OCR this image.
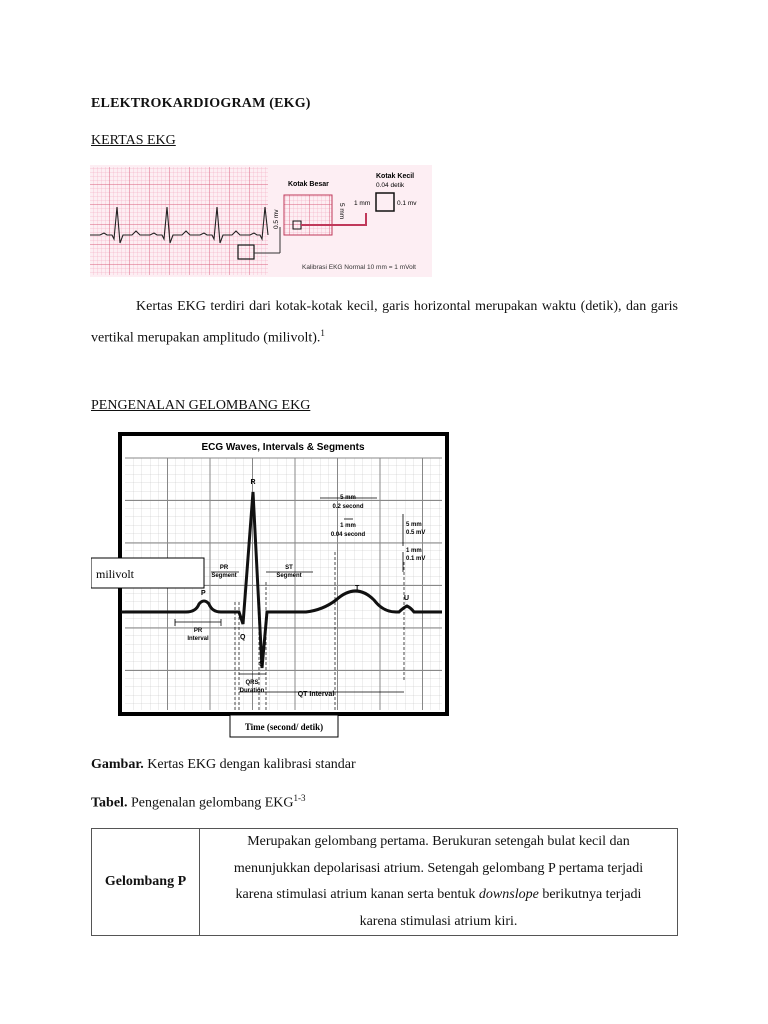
ELEKTROKARDIOGRAM (EKG)
KERTAS EKG
Kotak Besar
Kotak Kecil
0.04 detik
1 mm	0.1 mv
0.5 mv	5 mm
Kalibrasi EKG Normal 10 mm = 1 mVolt
Kertas EKG terdiri dari kotak-kotak kecil, garis horizontal merupakan waktu (detik), dan garis vertikal merupakan amplitudo (milivolt).$^1$
PENGENALAN GELOMBANG EKG
ECG Waves, Intervals & Segments
R
Q
S
T
U
P
5 mm
0.2 second
1 mm
0.04 second
5 mm
0.5 mV
1 mm
0.1 mV
PR
Segment
ST
Segment
PR
Interval
QRS
Duration	QT Interval
milivolt
Time (second/ detik)
Gambar. Kertas EKG dengan kalibrasi standar
Tabel. Pengenalan gelombang EKG$^{1-3}$
Gelombang P	
Merupakan gelombang pertama. Berukuran setengah bulat kecil dan
menunjukkan depolarisasi atrium. Setengah gelombang P pertama terjadi
karena stimulasi atrium kanan serta bentuk downslope berikutnya terjadi
karena stimulasi atrium kiri.
